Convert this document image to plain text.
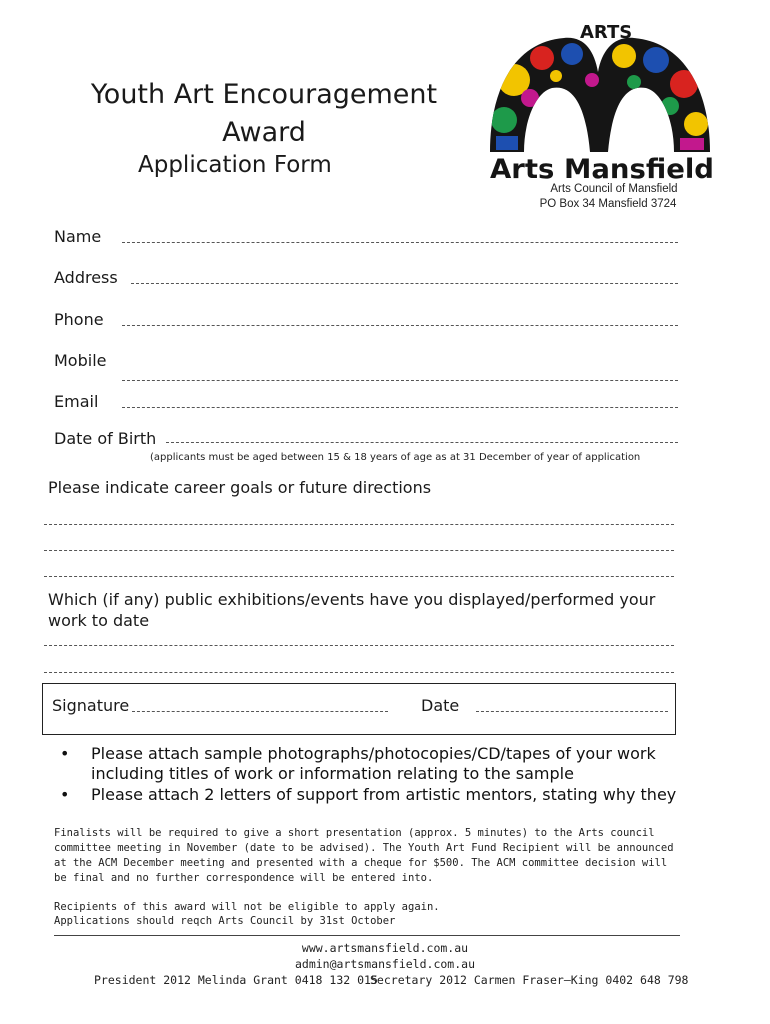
Youth Art Encouragement Award
Application Form
ARTS
Arts Mansfield
Arts Council of Mansfield
PO Box 34 Mansfield 3724
Name
Address
Phone
Mobile
Email
Date of Birth
(applicants must be aged between 15 & 18 years of age as at 31 December of year of application
Please indicate career goals or future directions
Which (if any) public exhibitions/events have you displayed/performed your work to date
Signature	Date
• Please attach sample photographs/photocopies/CD/tapes of your work including titles of work or information relating to the sample
• Please attach 2 letters of support from artistic mentors, stating why they
Finalists will be required to give a short presentation (approx. 5 minutes) to the Arts council committee meeting in November (date to be advised). The Youth Art Fund Recipient will be announced at the ACM December meeting and presented with a cheque for $500. The ACM committee decision will be final and no further correspondence will be entered into.
Recipients of this award will not be eligible to apply again.
Applications should reqch Arts Council by 31st October
www.artsmansfield.com.au
admin@artsmansfield.com.au
President 2012 Melinda Grant 0418 132 015
Secretary 2012 Carmen Fraser–King 0402 648 798
